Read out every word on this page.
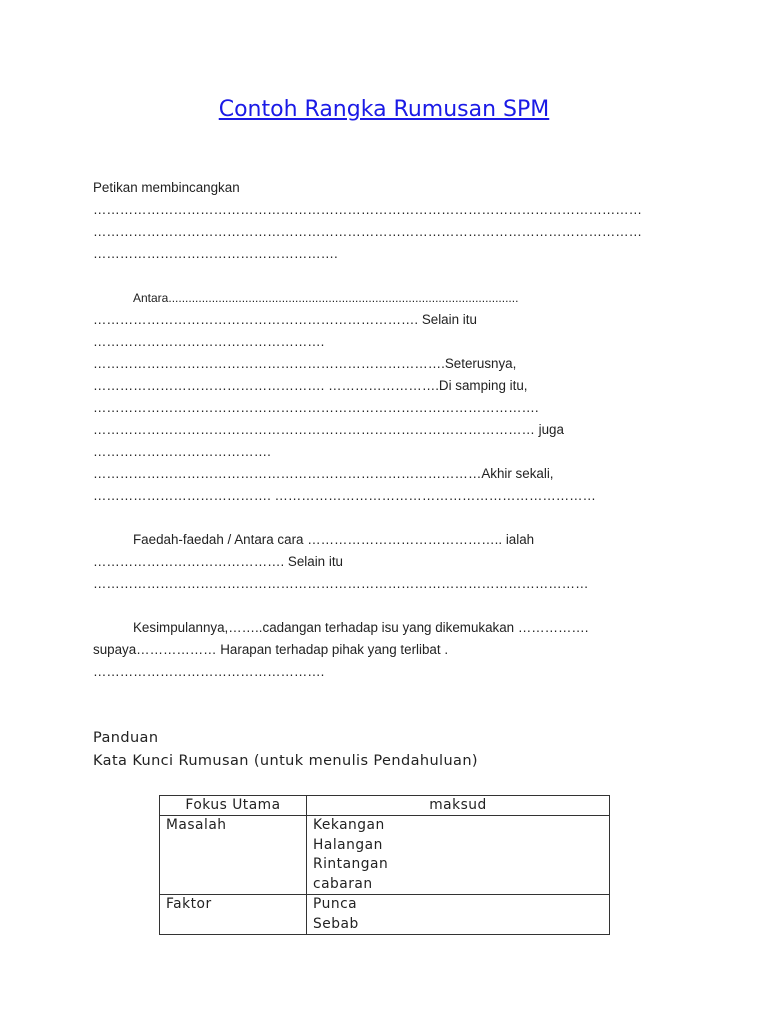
Contoh Rangka Rumusan SPM
Petikan membincangkan
……………………………………………………………………………………………………………
……………………………………………………………………………………………………………
……………………………………………….
Antara.........................................................................................................
………………………………………………………………. Selain itu
…………………………………………….
…………………………………………………………………….Seterusnya,
……………………………………………. …………………….Di samping itu,
……………………………………………………………………………………….
……………………………………………………………………………………… juga
………………………………….
……………………………………………………………………………Akhir sekali,
…………………………………. ………………………………………………………………
Faedah-faedah / Antara cara …………………………………….. ialah
……………………………………. Selain itu
…………………………………………………………………………………………………
Kesimpulannya,……..cadangan terhadap isu yang dikemukakan …………….
supaya……………… Harapan terhadap pihak yang terlibat .
…………………………………………….
Panduan
Kata Kunci Rumusan (untuk menulis Pendahuluan)
Fokus Utama	maksud
Masalah	Kekangan
Halangan
Rintangan
cabaran

Faktor	Punca
Sebab
